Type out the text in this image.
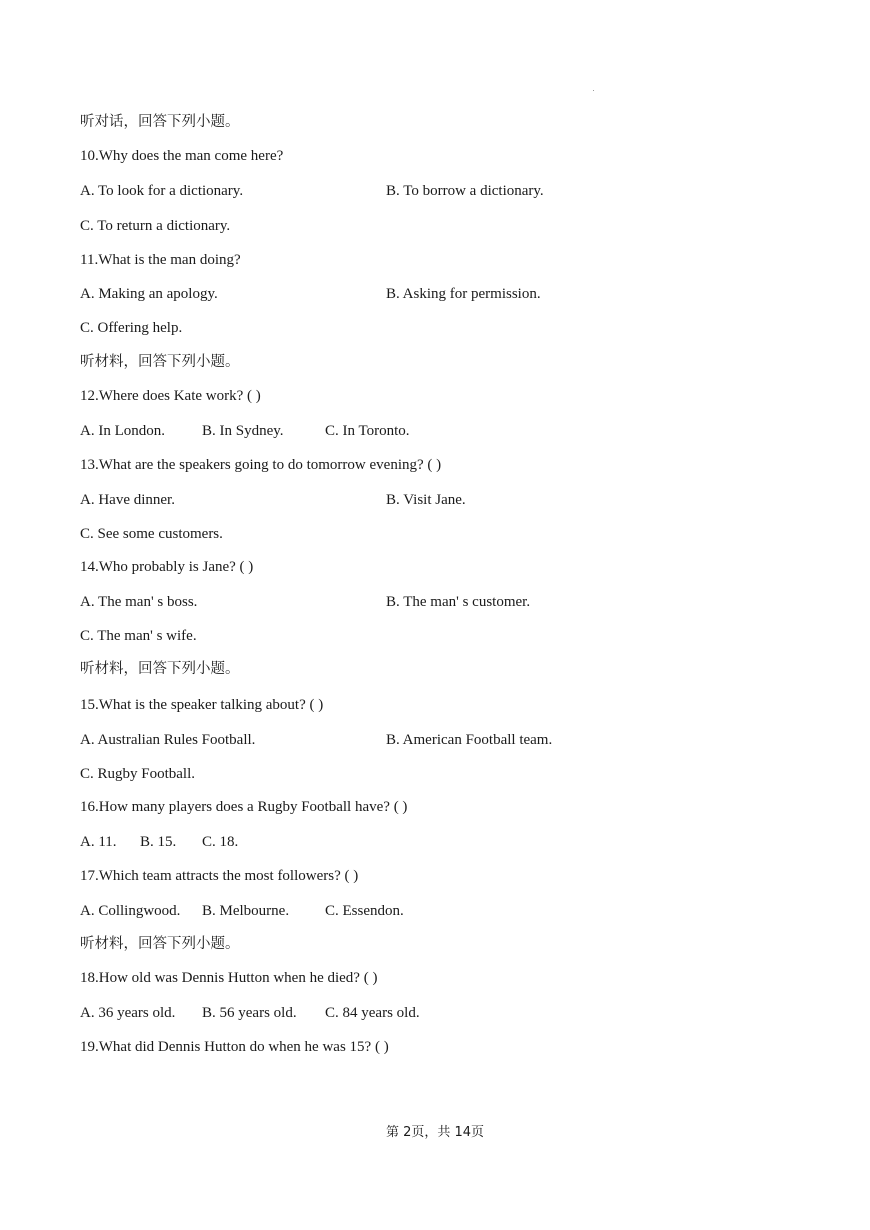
听对话，回答下列小题。
10.Why does the man come here?
A. To look for a dictionary.	B. To borrow a dictionary.
C. To return a dictionary.
11.What is the man doing?
A. Making an apology.	B. Asking for permission.
C. Offering help.
听材料，回答下列小题。
12.Where does Kate work? ( )
A. In London. B. In Sydney.	C. In Toronto.
13.What are the speakers going to do tomorrow evening? ( )
A. Have dinner.	B. Visit Jane.
C. See some customers.
14.Who probably is Jane? ( )
A. The man' s boss.	B. The man' s customer.
C. The man' s wife.
听材料，回答下列小题。
15.What is the speaker talking about? ( )
A. Australian Rules Football.	B. American Football team.
C. Rugby Football.
16.How many players does a Rugby Football have? ( )
A. 11. B. 15. C. 18.
17.Which team attracts the most followers? ( )
A. Collingwood. B. Melbourne. C. Essendon.
听材料，回答下列小题。
18.How old was Dennis Hutton when he died? ( )
A. 36 years old. B. 56 years old. C. 84 years old.
19.What did Dennis Hutton do when he was 15? ( )
第 2页，共 14页
